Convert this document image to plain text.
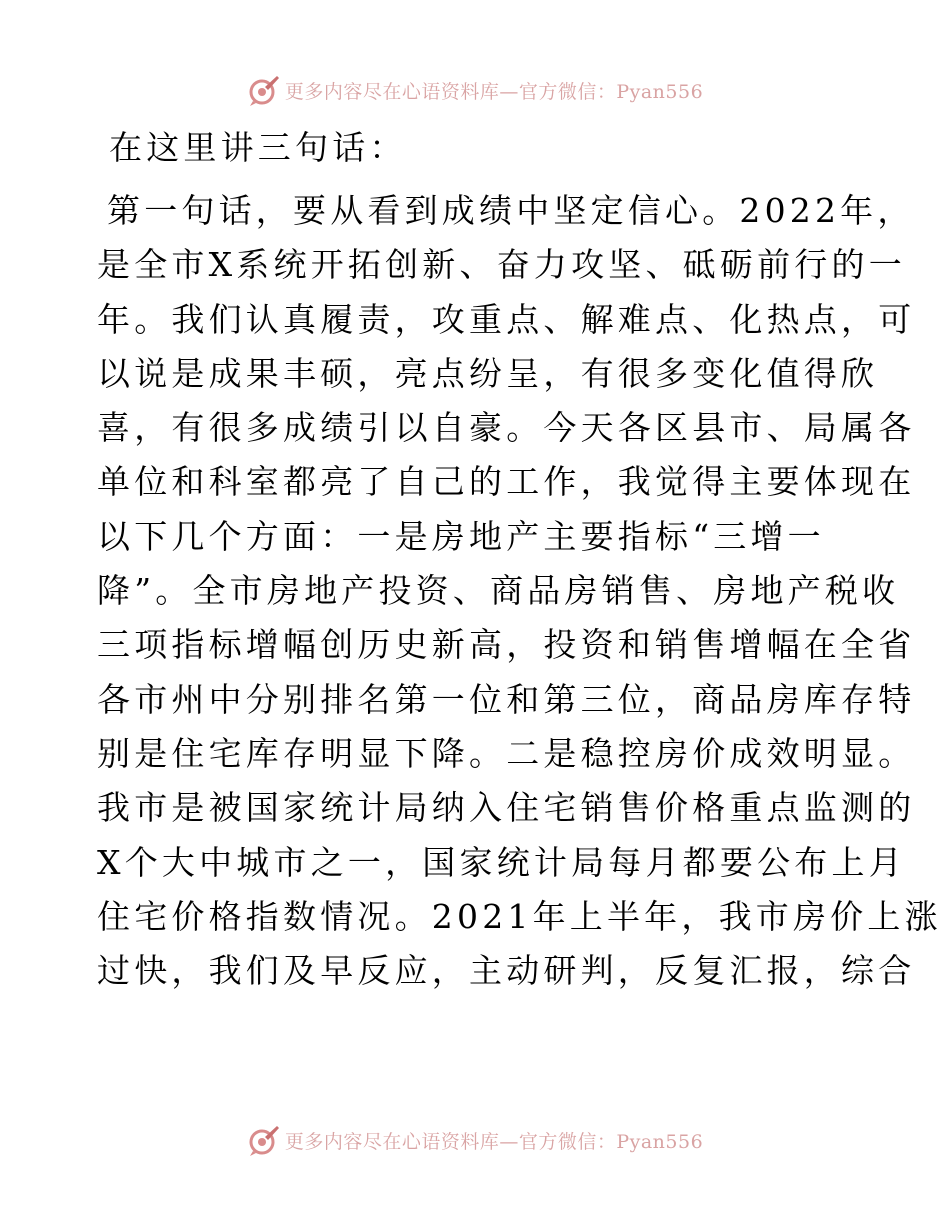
更多内容尽在心语资料库—官方微信：Pyan556
在这里讲三句话：
第一句话，要从看到成绩中坚定信心。2022年，
是全市X系统开拓创新、奋力攻坚、砥砺前行的一
年。我们认真履责，攻重点、解难点、化热点，可
以说是成果丰硕，亮点纷呈，有很多变化值得欣
喜，有很多成绩引以自豪。今天各区县市、局属各
单位和科室都亮了自己的工作，我觉得主要体现在
以下几个方面：一是房地产主要指标“三增一
降”。全市房地产投资、商品房销售、房地产税收
三项指标增幅创历史新高，投资和销售增幅在全省
各市州中分别排名第一位和第三位，商品房库存特
别是住宅库存明显下降。二是稳控房价成效明显。
我市是被国家统计局纳入住宅销售价格重点监测的
X个大中城市之一，国家统计局每月都要公布上月
住宅价格指数情况。2021年上半年，我市房价上涨
过快，我们及早反应，主动研判，反复汇报，综合
更多内容尽在心语资料库—官方微信：Pyan556
